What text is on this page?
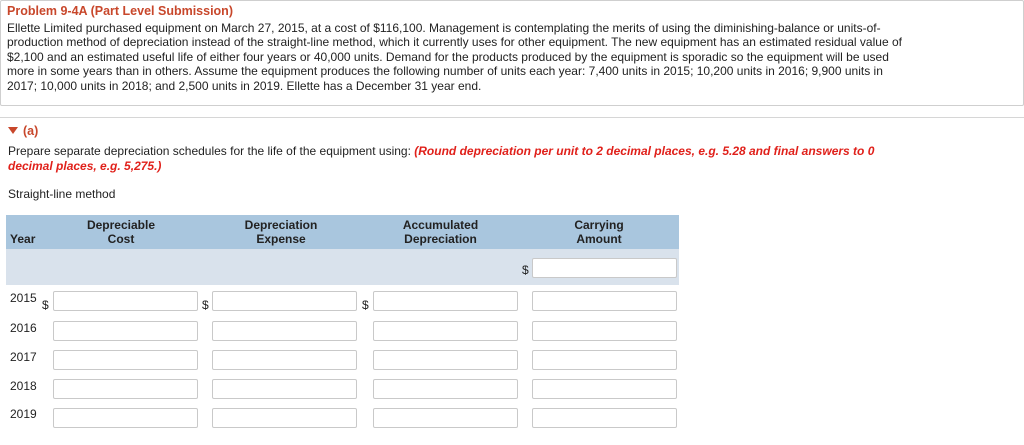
Problem 9-4A (Part Level Submission)
Ellette Limited purchased equipment on March 27, 2015, at a cost of $116,100. Management is contemplating the merits of using the diminishing-balance or units-of-
production method of depreciation instead of the straight-line method, which it currently uses for other equipment. The new equipment has an estimated residual value of
$2,100 and an estimated useful life of either four years or 40,000 units. Demand for the products produced by the equipment is sporadic so the equipment will be used
more in some years than in others. Assume the equipment produces the following number of units each year: 7,400 units in 2015; 10,200 units in 2016; 9,900 units in
2017; 10,000 units in 2018; and 2,500 units in 2019. Ellette has a December 31 year end.
(a)
Prepare separate depreciation schedules for the life of the equipment using: (Round depreciation per unit to 2 decimal places, e.g. 5.28 and final answers to 0
decimal places, e.g. 5,275.)
Straight-line method
Year
Depreciable
Cost
Depreciation
Expense
Accumulated
Depreciation
Carrying
Amount
$
2015 $	$	$
2016
2017
2018
2019
